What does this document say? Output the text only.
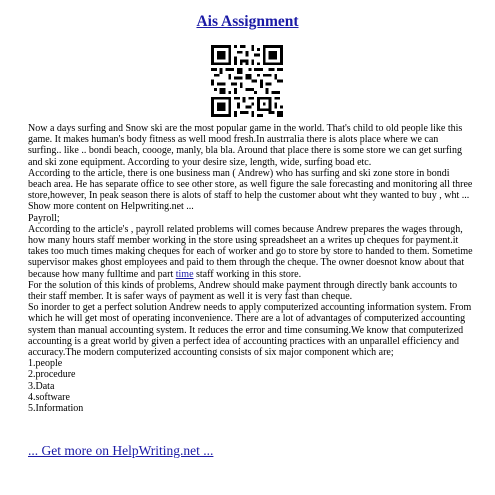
Ais Assignment

Now a days surfing and Snow ski are the most popular game in the world. That's child to old people like this game. It makes human's body fitness as well mood fresh.In austrralia there is alots place where we can surfing.. like .. bondi beach, coooge, manly, bla bla. Around that place there is some store we can get surfing and ski zone equipment. According to your desire size, length, wide, surfing boad etc.

According to the article, there is one business man ( Andrew) who has surfing and ski zone store in bondi beach area. He has separate office to see other store, as well figure the sale forecasting and monitoring all three store,however, In peak season there is alots of staff to help the customer about wht they wanted to buy , wht ... Show more content on Helpwriting.net ...

Payroll;

According to the article's , payroll related problems will comes because Andrew prepares the wages through, how many hours staff member working in the store using spreadsheet an a writes up cheques for payment.it takes too much times making cheques for each of worker and go to store by store to handed to them. Sometime supervisor makes ghost employees and paid to them through the cheque. The owner doesnot know about that because how many fulltime and part time staff working in this store.

For the solution of this kinds of problems, Andrew should make payment through directly bank accounts to their staff member. It is safer ways of payment as well it is very fast than cheque.

So inorder to get a perfect solution Andrew needs to apply computerized accounting information system. From which he will get most of operating inconvenience. There are a lot of advantages of computerized accounting system than manual accounting system. It reduces the error and time consuming.We know that computerized accounting is a great world by given a perfect idea of accounting practices with an unparallel efficiency and accuracy.The modern computerized accounting consists of six major component which are;

1.people

2.procedure

3.Data

4.software

5.Information

... Get more on HelpWriting.net ...
